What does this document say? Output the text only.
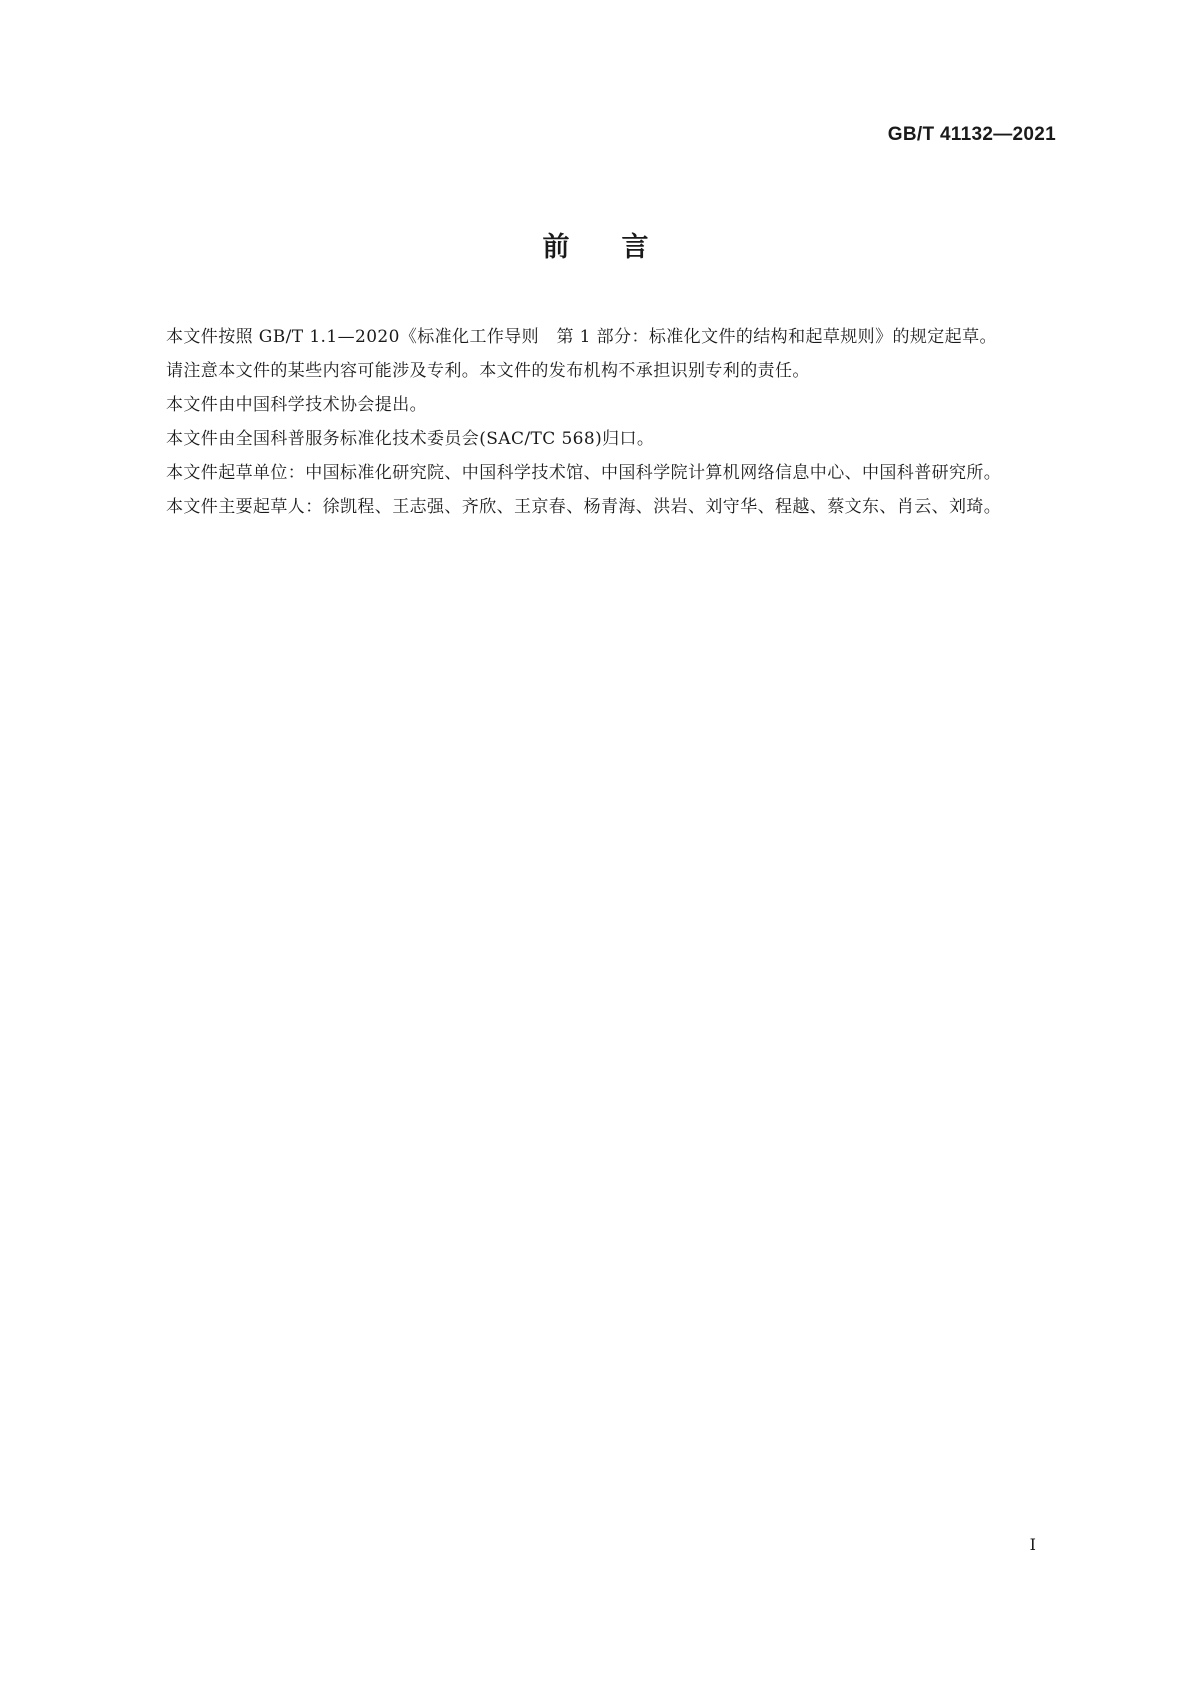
GB/T 41132—2021
前言

本文件按照 GB/T 1.1—2020《标准化工作导则　第 1 部分：标准化文件的结构和起草规则》的规定起草。

请注意本文件的某些内容可能涉及专利。本文件的发布机构不承担识别专利的责任。

本文件由中国科学技术协会提出。

本文件由全国科普服务标准化技术委员会(SAC/TC 568)归口。

本文件起草单位：中国标准化研究院、中国科学技术馆、中国科学院计算机网络信息中心、中国科普研究所。

本文件主要起草人：徐凯程、王志强、齐欣、王京春、杨青海、洪岩、刘守华、程越、蔡文东、肖云、刘琦。

I
